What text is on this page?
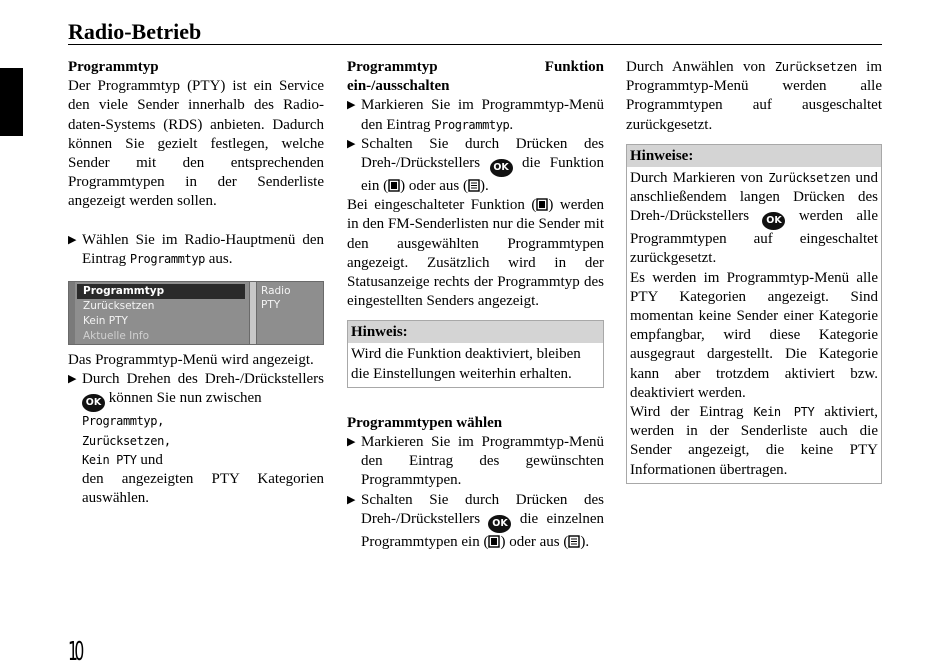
Radio-Betrieb
Programmtyp

Der Programmtyp (PTY) ist ein Service den viele Sender innerhalb des Radio-daten-Systems (RDS) anbieten. Dadurch können Sie gezielt festlegen, welche Sender mit den entsprechenden Programmtypen in der Senderliste angezeigt werden sollen.

▶ Wählen Sie im Radio-Hauptmenü den Eintrag Programmtyp aus.
Programmtyp
Zurücksetzen
Kein PTY
Aktuelle Info
Radio
PTY

Das Programmtyp-Menü wird angezeigt.

▶ Durch Drehen des Dreh-/Drückstellers OK können Sie nun zwischen
Programmtyp,
Zurücksetzen,
Kein PTY und
den angezeigten PTY Kategorien auswählen.
Programmtyp Funktion ein-/ausschalten
▶ Markieren Sie im Programmtyp-Menü den Eintrag Programmtyp.
▶ Schalten Sie durch Drücken des Dreh-/Drückstellers OK die Funktion ein ( ) oder aus ( ).

Bei eingeschalteter Funktion ( ) werden in den FM-Senderlisten nur die Sender mit den ausgewählten Programmtypen angezeigt. Zusätzlich wird in der Statusanzeige rechts der Programmtyp des eingestellten Senders angezeigt.

Hinweis:
Wird die Funktion deaktiviert, bleiben die Einstellungen weiterhin erhalten.
Programmtypen wählen
▶ Markieren Sie im Programmtyp-Menü den Eintrag des gewünschten Programmtypen.
▶ Schalten Sie durch Drücken des Dreh-/Drückstellers OK die einzelnen Programmtypen ein ( ) oder aus ( ).

Durch Anwählen von Zurücksetzen im Programmtyp-Menü werden alle Programmtypen auf ausgeschaltet zurückgesetzt.

Hinweise:

Durch Markieren von Zurücksetzen und anschließendem langen Drücken des Dreh-/Drückstellers OK werden alle Programmtypen auf eingeschaltet zurückgesetzt.

Es werden im Programmtyp-Menü alle PTY Kategorien angezeigt. Sind momentan keine Sender einer Kategorie empfangbar, wird diese Kategorie ausgegraut dargestellt. Die Kategorie kann aber trotzdem aktiviert bzw. deaktiviert werden.

Wird der Eintrag Kein PTY aktiviert, werden in der Senderliste auch die Sender angezeigt, die keine PTY Informationen übertragen.

10
